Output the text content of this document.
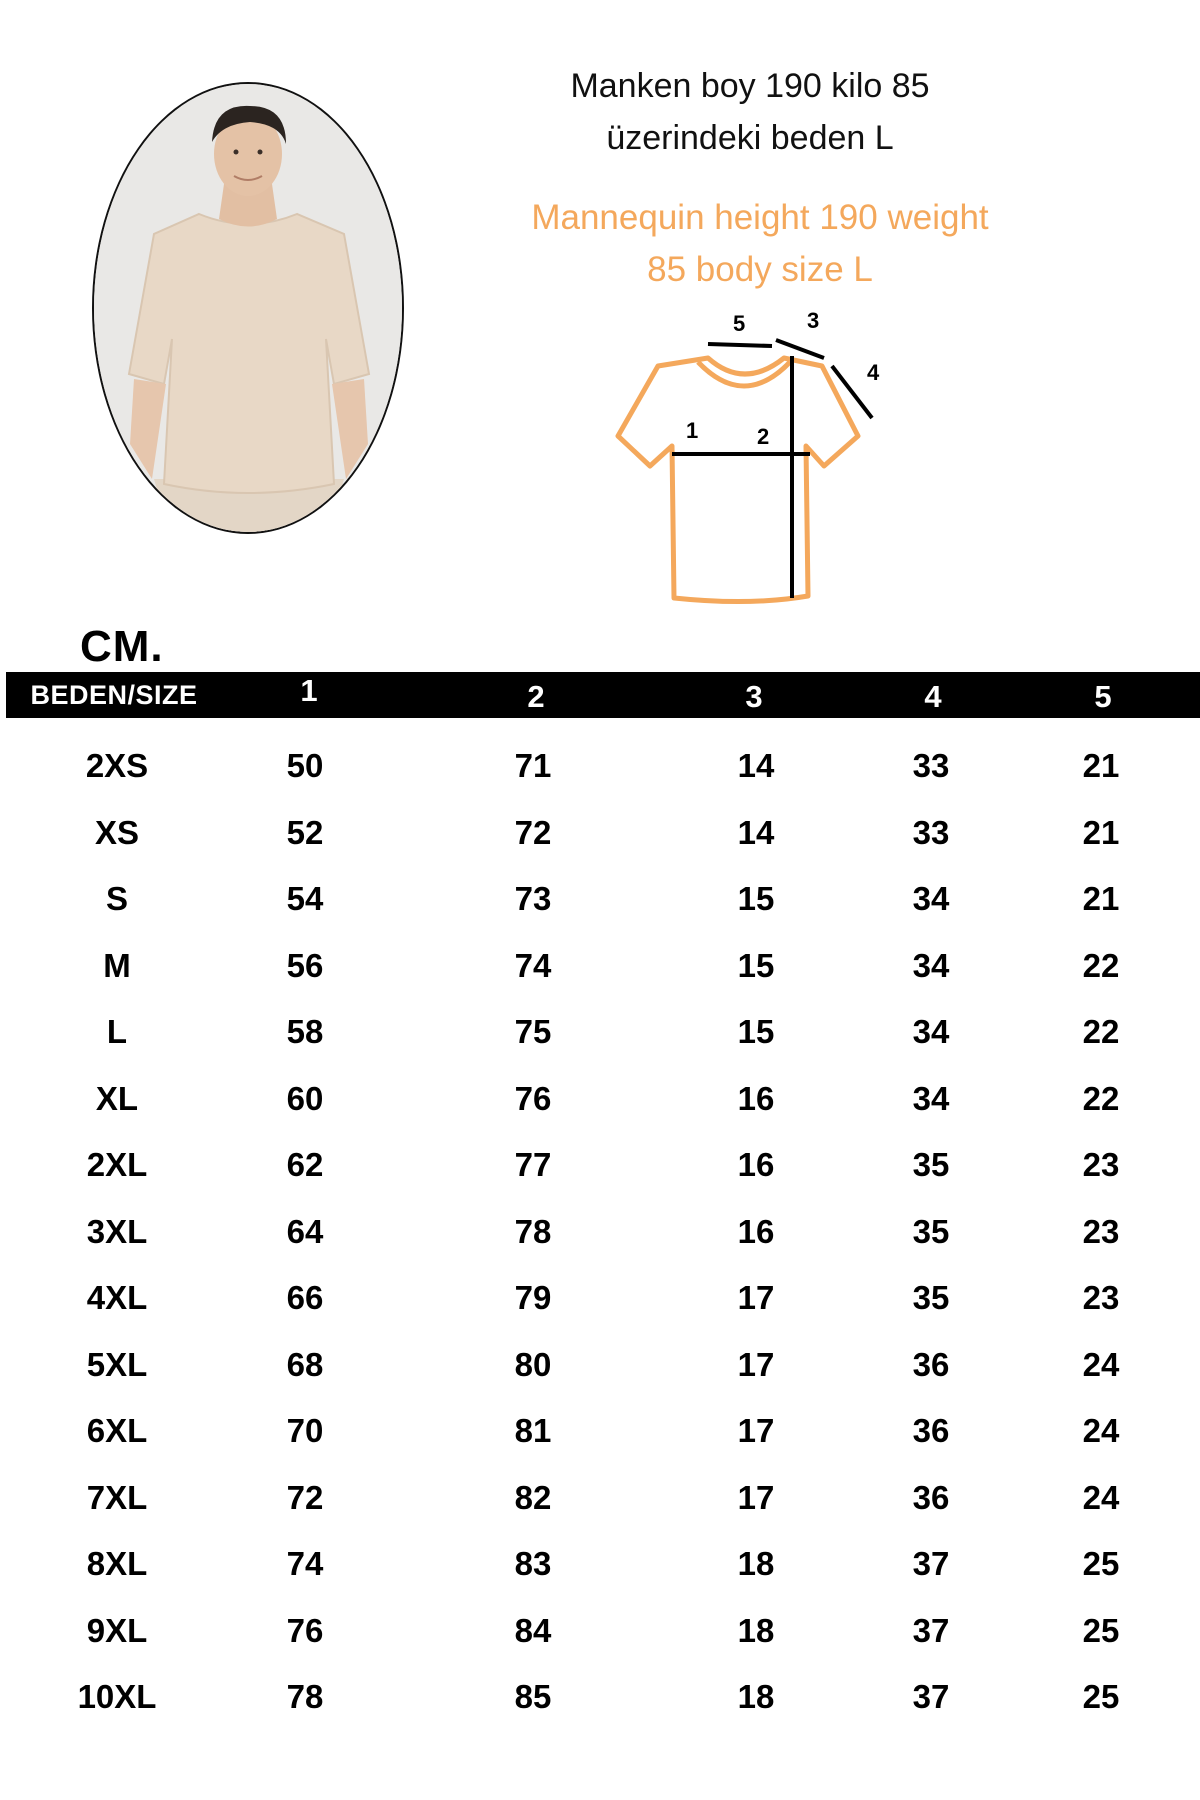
Manken boy 190 kilo 85
üzerindeki beden L
Mannequin height 190 weight
85 body size L
1	2
3
4
5
CM.
BEDEN/SIZE	1	2	3	4	5
2XS	50	71	14	33	21
XS	52	72	14	33	21
S	54	73	15	34	21
M	56	74	15	34	22
L	58	75	15	34	22
XL	60	76	16	34	22
2XL	62	77	16	35	23
3XL	64	78	16	35	23
4XL	66	79	17	35	23
5XL	68	80	17	36	24
6XL	70	81	17	36	24
7XL	72	82	17	36	24
8XL	74	83	18	37	25
9XL	76	84	18	37	25
10XL	78	85	18	37	25
